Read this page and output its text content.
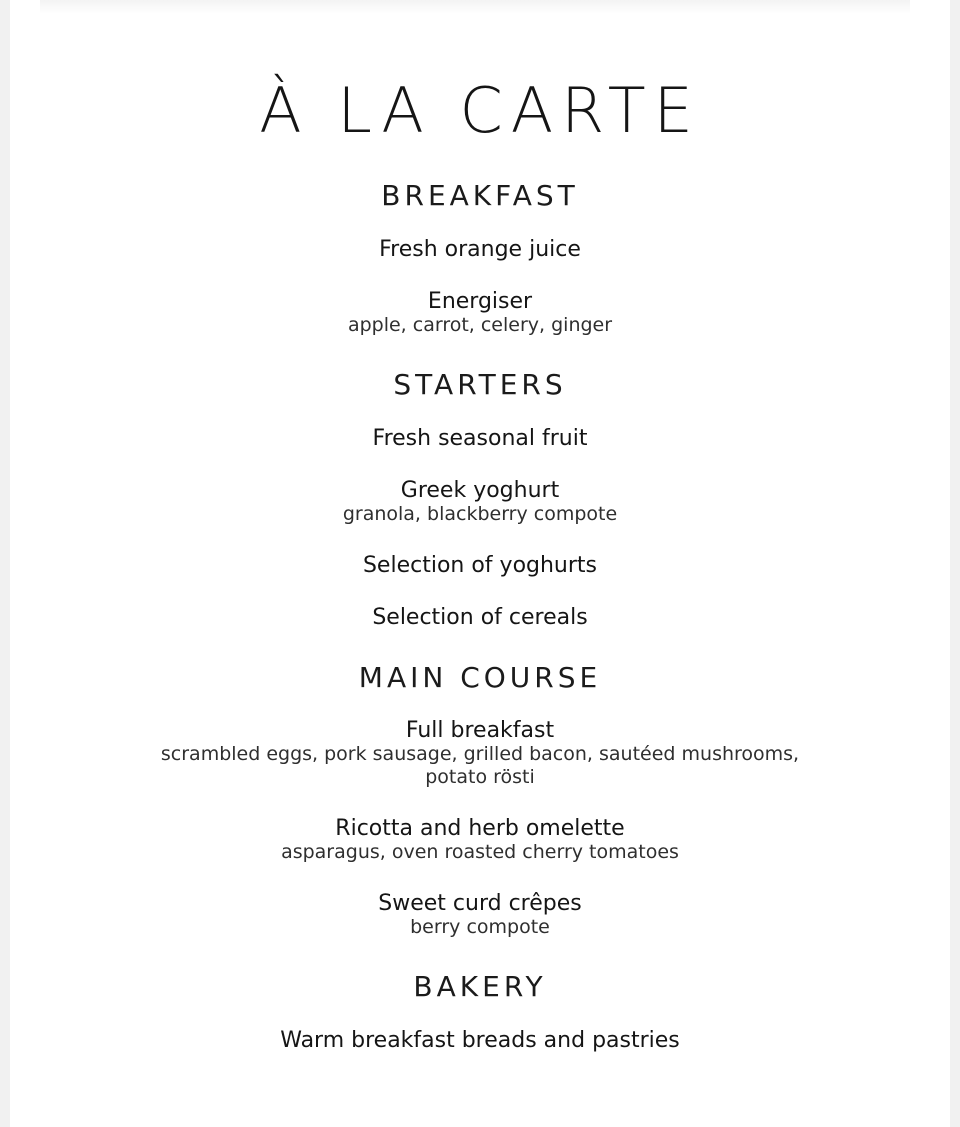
À LA CARTE
BREAKFAST
Fresh orange juice
Energiser
apple, carrot, celery, ginger
STARTERS
Fresh seasonal fruit
Greek yoghurt
granola, blackberry compote
Selection of yoghurts
Selection of cereals
MAIN COURSE
Full breakfast
scrambled eggs, pork sausage, grilled bacon, sautéed mushrooms,
potato rösti
Ricotta and herb omelette
asparagus, oven roasted cherry tomatoes
Sweet curd crêpes
berry compote
BAKERY
Warm breakfast breads and pastries
